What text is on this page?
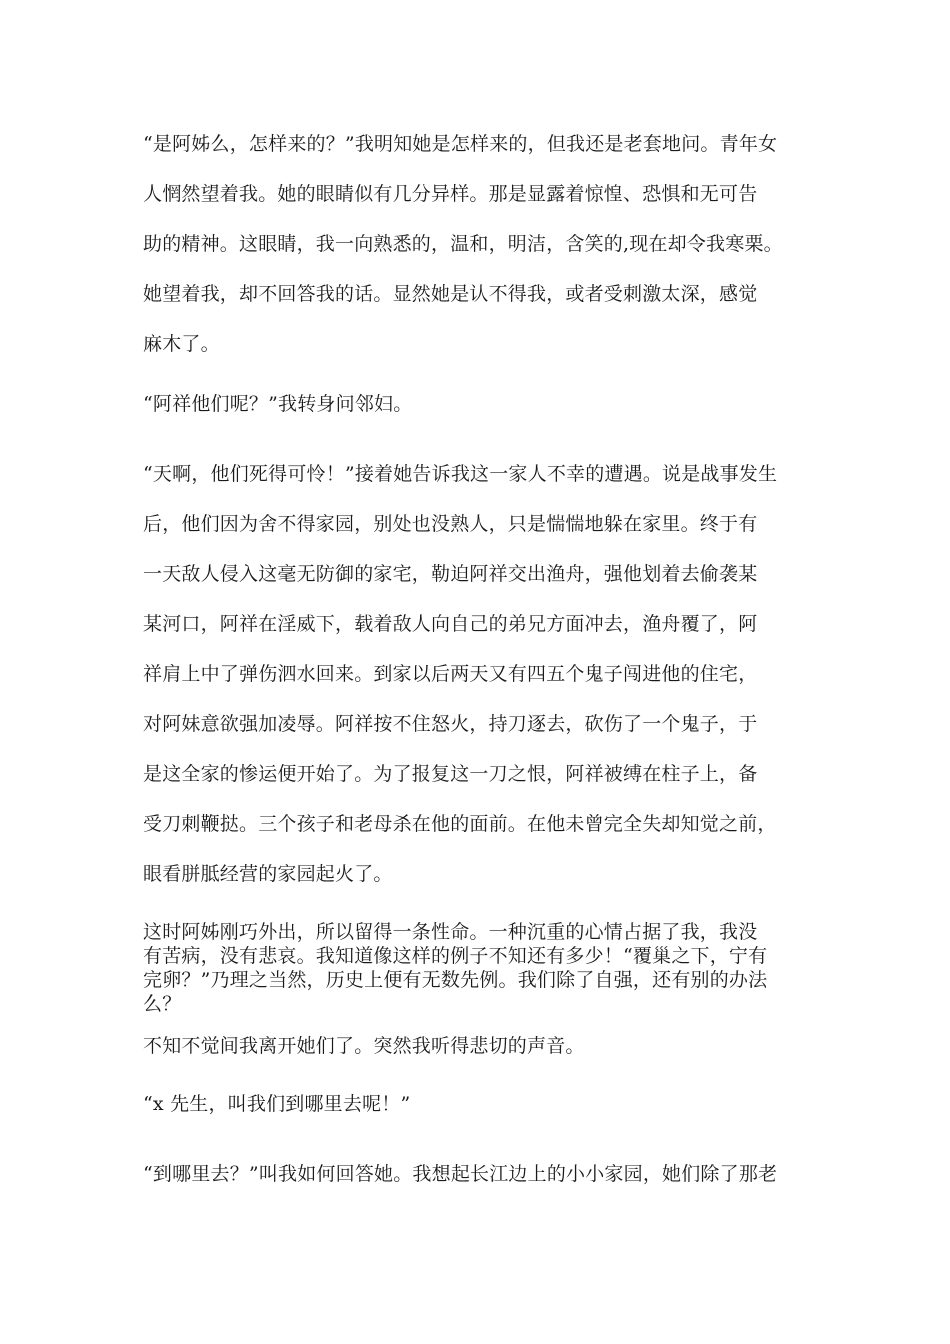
“是阿姊么，怎样来的？”我明知她是怎样来的，但我还是老套地问。青年女
人惘然望着我。她的眼睛似有几分异样。那是显露着惊惶、恐惧和无可告
助的精神。这眼睛，我一向熟悉的，温和，明洁，含笑的,现在却令我寒栗。
她望着我，却不回答我的话。显然她是认不得我，或者受刺激太深，感觉
麻木了。
“阿祥他们呢？”我转身问邻妇。
“天啊，他们死得可怜！”接着她告诉我这一家人不幸的遭遇。说是战事发生
后，他们因为舍不得家园，别处也没熟人，只是惴惴地躲在家里。终于有
一天敌人侵入这毫无防御的家宅，勒迫阿祥交出渔舟，强他划着去偷袭某
某河口，阿祥在淫威下，载着敌人向自己的弟兄方面冲去，渔舟覆了，阿
祥肩上中了弹伤泗水回来。到家以后两天又有四五个鬼子闯进他的住宅，
对阿妹意欲强加凌辱。阿祥按不住怒火，持刀逐去，砍伤了一个鬼子，于
是这全家的惨运便开始了。为了报复这一刀之恨，阿祥被缚在柱子上，备
受刀刺鞭挞。三个孩子和老母杀在他的面前。在他未曾完全失却知觉之前，
眼看胼胝经营的家园起火了。
这时阿姊刚巧外出，所以留得一条性命。一种沉重的心情占据了我，我没
有苦病，没有悲哀。我知道像这样的例子不知还有多少！“覆巢之下，宁有
完卵？”乃理之当然，历史上便有无数先例。我们除了自强，还有别的办法
么？
不知不觉间我离开她们了。突然我听得悲切的声音。
“x 先生，叫我们到哪里去呢！”
“到哪里去？”叫我如何回答她。我想起长江边上的小小家园，她们除了那老
